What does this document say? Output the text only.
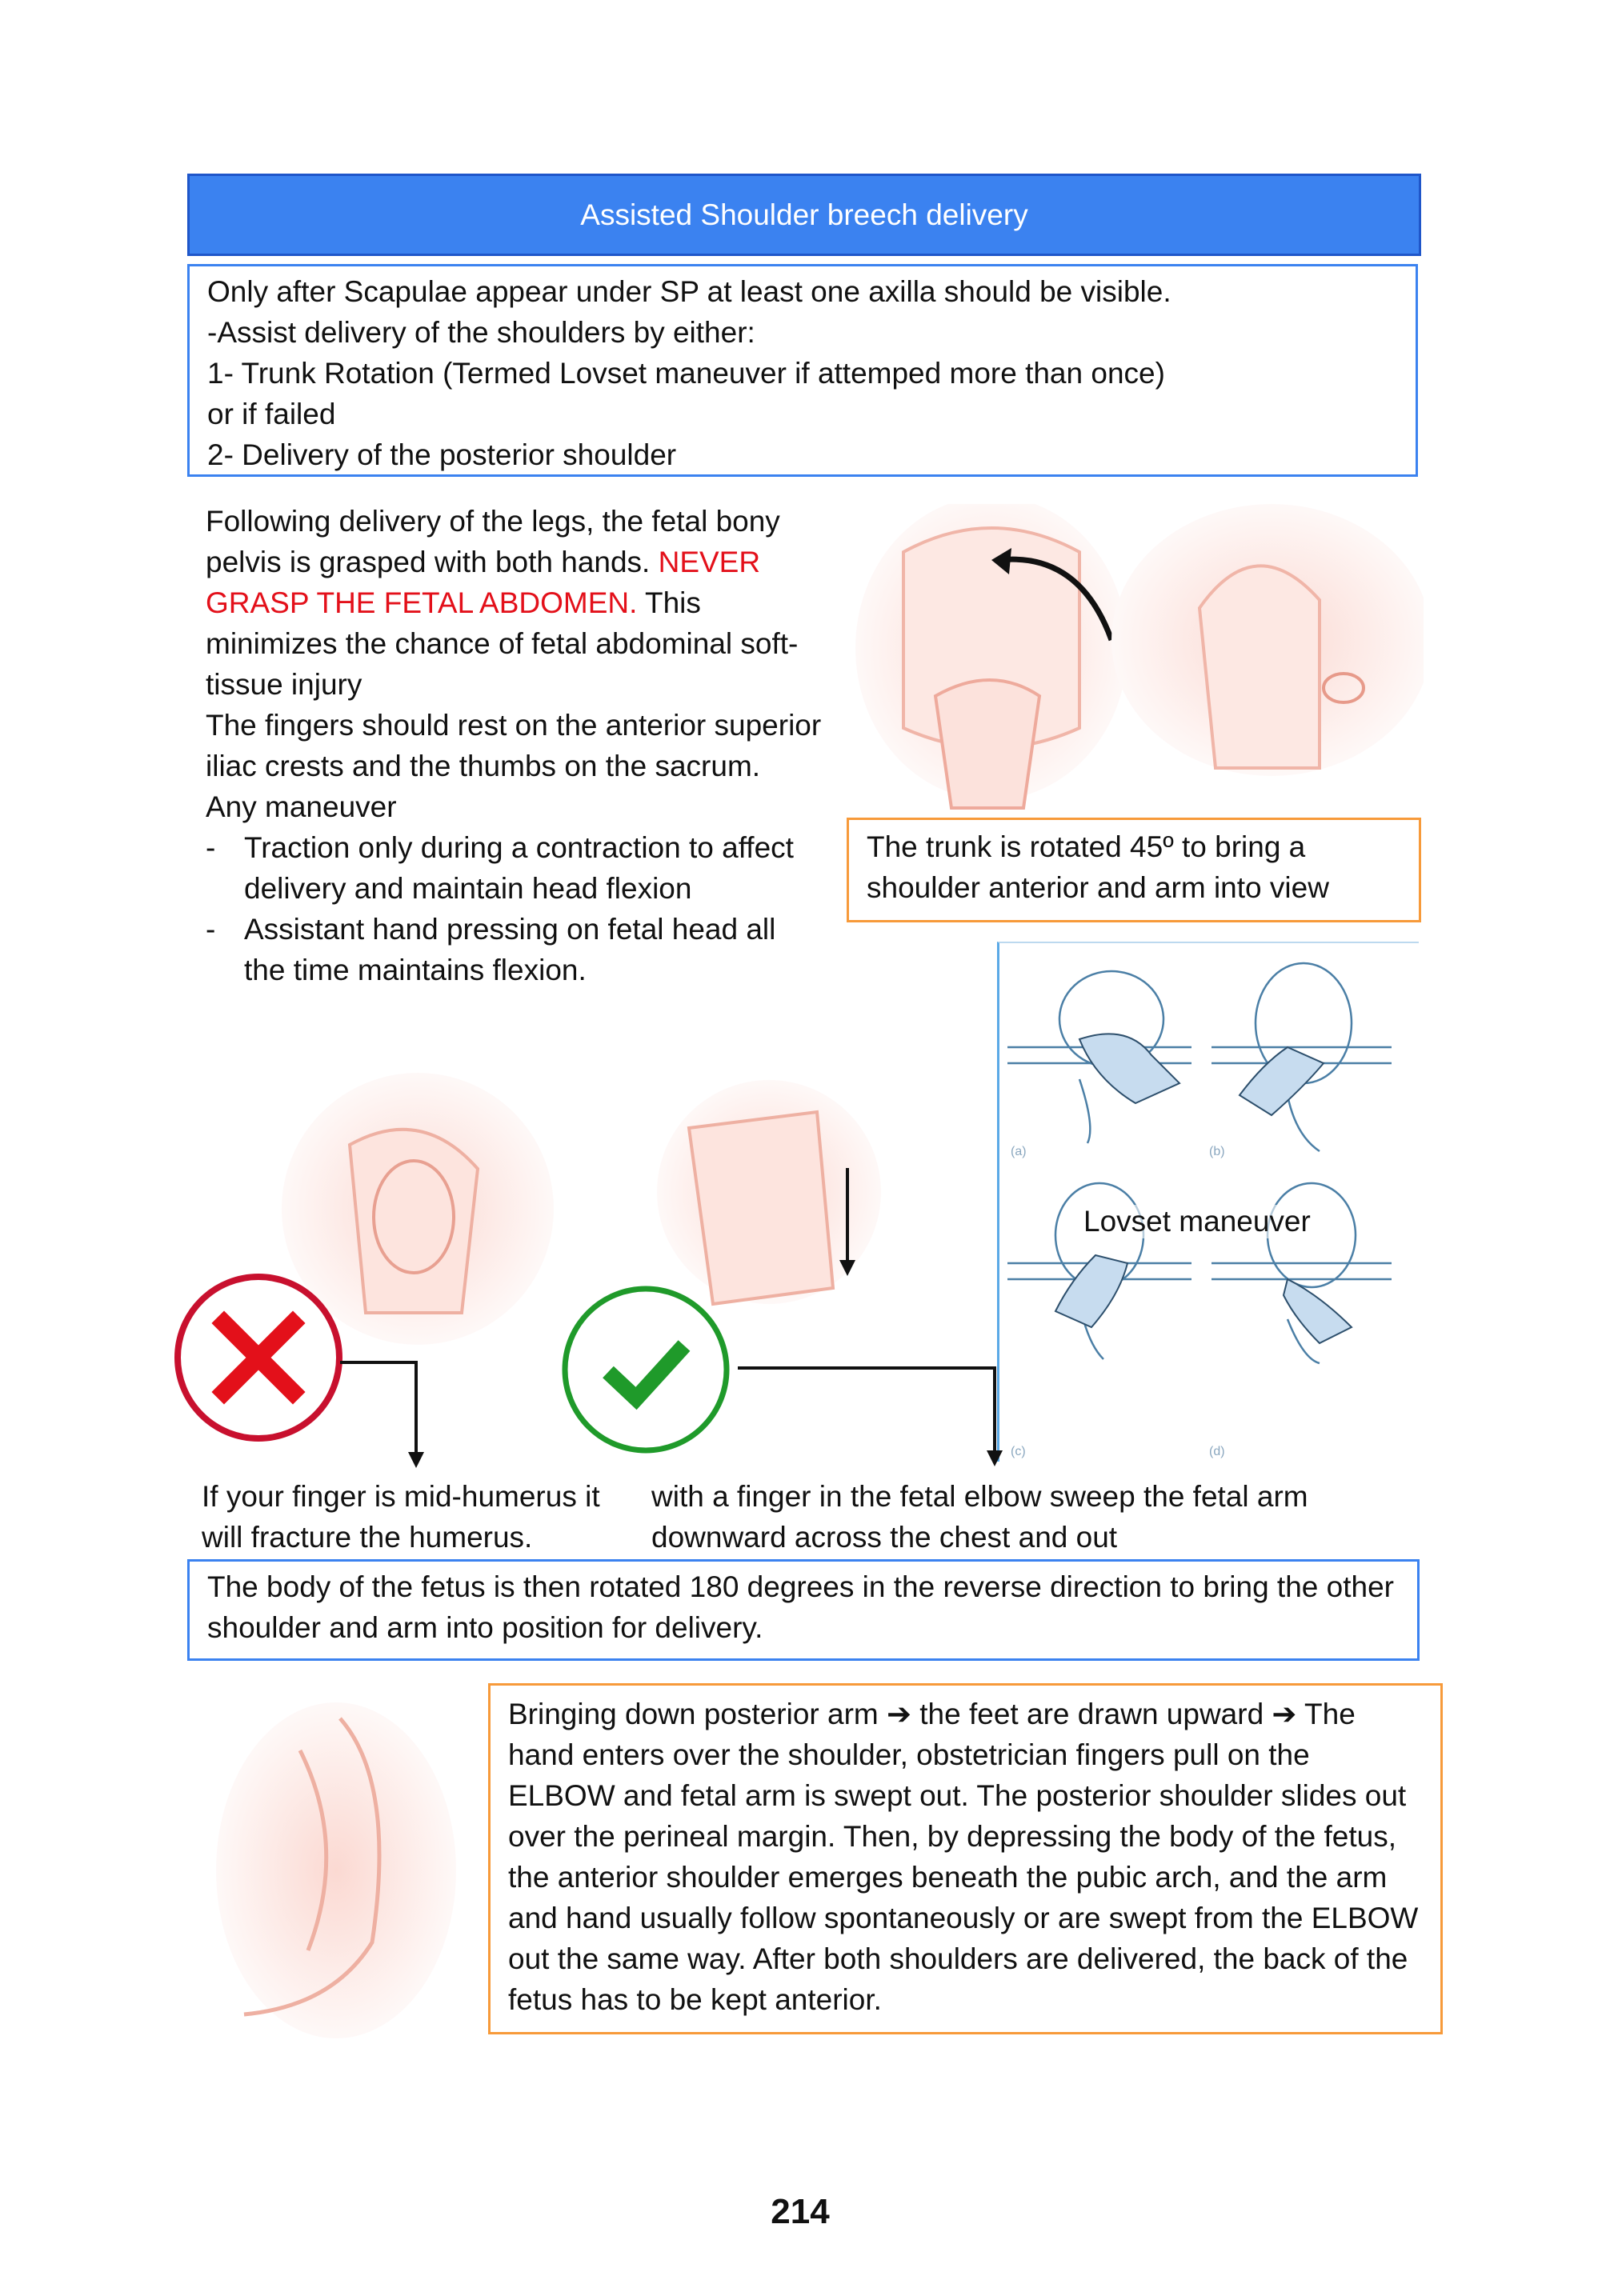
Assisted Shoulder breech delivery
Only after Scapulae appear under SP at least one axilla should be visible.
-Assist delivery of the shoulders by either:
1- Trunk Rotation (Termed Lovset maneuver if attemped more than once)
or if failed
2- Delivery of the posterior shoulder
Following delivery of the legs, the fetal bony pelvis is grasped with both hands. NEVER GRASP THE FETAL ABDOMEN. This minimizes the chance of fetal abdominal soft-tissue injury
The fingers should rest on the anterior superior iliac crests and the thumbs on the sacrum.
Any maneuver
- Traction only during a contraction to affect delivery and maintain head flexion
- Assistant hand pressing on fetal head all the time maintains flexion.
The trunk is rotated 45º to bring a shoulder anterior and arm into view
(a)	(b)
(c)	(d)
Lovset maneuver
If your finger is mid-humerus it will fracture the humerus.
with a finger in the fetal elbow sweep the fetal arm downward across the chest and out
The body of the fetus is then rotated 180 degrees in the reverse direction to bring the other shoulder and arm into position for delivery.
Bringing down posterior arm ➔ the feet are drawn upward ➔ The hand enters over the shoulder, obstetrician fingers pull on the ELBOW and fetal arm is swept out. The posterior shoulder slides out over the perineal margin. Then, by depressing the body of the fetus, the anterior shoulder emerges beneath the pubic arch, and the arm and hand usually follow spontaneously or are swept from the ELBOW out the same way. After both shoulders are delivered, the back of the fetus has to be kept anterior.
214
